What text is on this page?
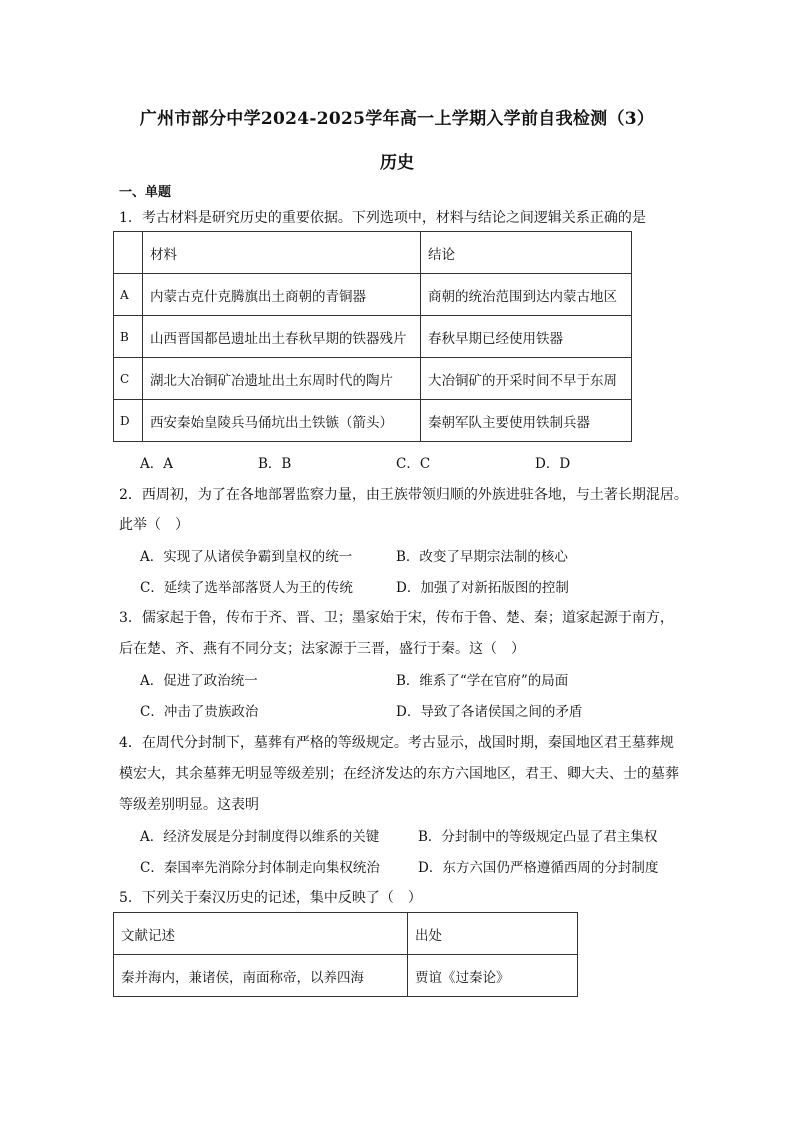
广州市部分中学2024-2025学年高一上学期入学前自我检测（3）
历史
一、单题
1．考古材料是研究历史的重要依据。下列选项中，材料与结论之间逻辑关系正确的是
	材料	结论
A	内蒙古克什克腾旗出土商朝的青铜器	商朝的统治范围到达内蒙古地区
B	山西晋国都邑遗址出土春秋早期的铁器残片	春秋早期已经使用铁器
C	湖北大冶铜矿冶遗址出土东周时代的陶片	大冶铜矿的开采时间不早于东周
D	西安秦始皇陵兵马俑坑出土铁镞（箭头）	秦朝军队主要使用铁制兵器
A．A	B．B	C．C	D．D
2．西周初，为了在各地部署监察力量，由王族带领归顺的外族进驻各地，与土著长期混居。
此举（　）
A．实现了从诸侯争霸到皇权的统一	B．改变了早期宗法制的核心
C．延续了选举部落贤人为王的传统	D．加强了对新拓版图的控制
3．儒家起于鲁，传布于齐、晋、卫；墨家始于宋，传布于鲁、楚、秦；道家起源于南方，
后在楚、齐、燕有不同分支；法家源于三晋，盛行于秦。这（　）
A．促进了政治统一	B．维系了“学在官府”的局面
C．冲击了贵族政治	D．导致了各诸侯国之间的矛盾
4．在周代分封制下，墓葬有严格的等级规定。考古显示，战国时期，秦国地区君王墓葬规
模宏大，其余墓葬无明显等级差别；在经济发达的东方六国地区，君王、卿大夫、士的墓葬
等级差别明显。这表明
A．经济发展是分封制度得以维系的关键	B．分封制中的等级规定凸显了君主集权
C．秦国率先消除分封体制走向集权统治	D．东方六国仍严格遵循西周的分封制度
5．下列关于秦汉历史的记述，集中反映了（　）
文献记述	出处
秦并海内，兼诸侯，南面称帝，以养四海	贾谊《过秦论》
